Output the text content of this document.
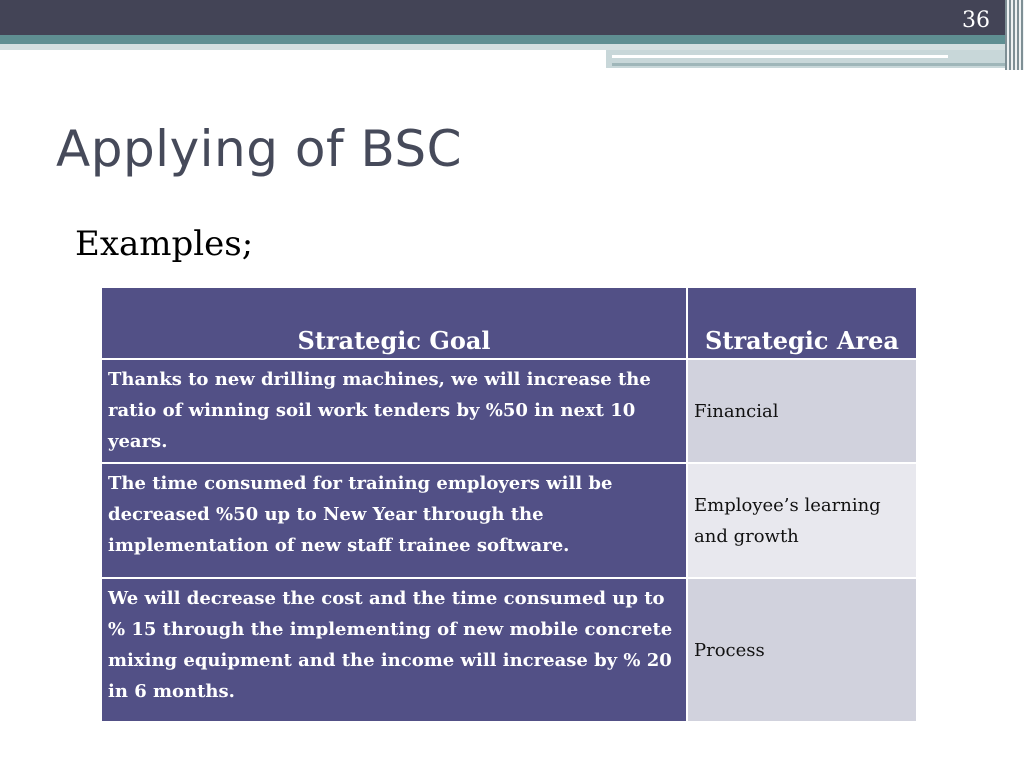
36
Applying of BSC
Examples;
Strategic Goal	Strategic Area
Thanks to new drilling machines, we will increase the ratio of winning soil work tenders by %50 in next 10 years.	Financial
The time consumed for training employers will be decreased %50 up to New Year through the implementation of new staff trainee software.	Employee’s learning and growth
We will decrease the cost and the time consumed up to % 15 through the implementing of new mobile concrete mixing equipment and the income will increase by % 20 in 6 months.	Process
